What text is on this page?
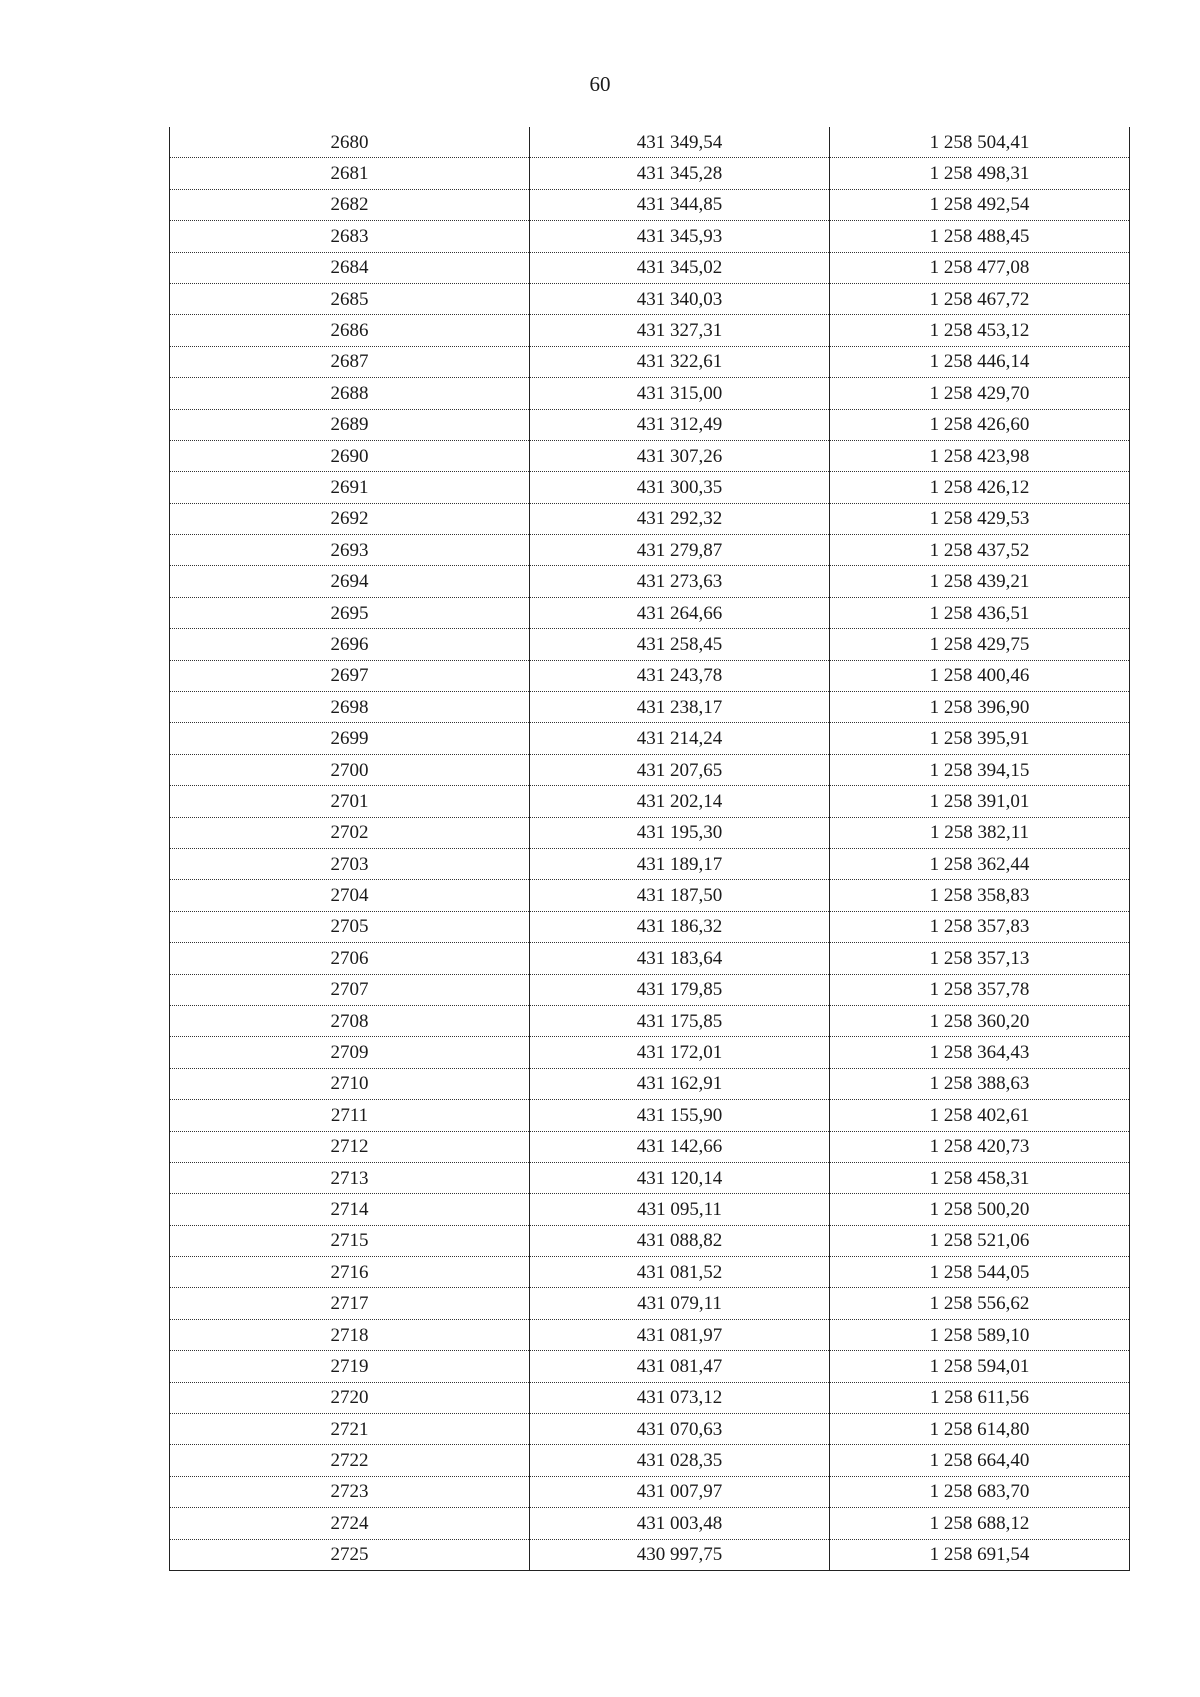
60
2680	431 349,54	1 258 504,41
2681	431 345,28	1 258 498,31
2682	431 344,85	1 258 492,54
2683	431 345,93	1 258 488,45
2684	431 345,02	1 258 477,08
2685	431 340,03	1 258 467,72
2686	431 327,31	1 258 453,12
2687	431 322,61	1 258 446,14
2688	431 315,00	1 258 429,70
2689	431 312,49	1 258 426,60
2690	431 307,26	1 258 423,98
2691	431 300,35	1 258 426,12
2692	431 292,32	1 258 429,53
2693	431 279,87	1 258 437,52
2694	431 273,63	1 258 439,21
2695	431 264,66	1 258 436,51
2696	431 258,45	1 258 429,75
2697	431 243,78	1 258 400,46
2698	431 238,17	1 258 396,90
2699	431 214,24	1 258 395,91
2700	431 207,65	1 258 394,15
2701	431 202,14	1 258 391,01
2702	431 195,30	1 258 382,11
2703	431 189,17	1 258 362,44
2704	431 187,50	1 258 358,83
2705	431 186,32	1 258 357,83
2706	431 183,64	1 258 357,13
2707	431 179,85	1 258 357,78
2708	431 175,85	1 258 360,20
2709	431 172,01	1 258 364,43
2710	431 162,91	1 258 388,63
2711	431 155,90	1 258 402,61
2712	431 142,66	1 258 420,73
2713	431 120,14	1 258 458,31
2714	431 095,11	1 258 500,20
2715	431 088,82	1 258 521,06
2716	431 081,52	1 258 544,05
2717	431 079,11	1 258 556,62
2718	431 081,97	1 258 589,10
2719	431 081,47	1 258 594,01
2720	431 073,12	1 258 611,56
2721	431 070,63	1 258 614,80
2722	431 028,35	1 258 664,40
2723	431 007,97	1 258 683,70
2724	431 003,48	1 258 688,12
2725	430 997,75	1 258 691,54
